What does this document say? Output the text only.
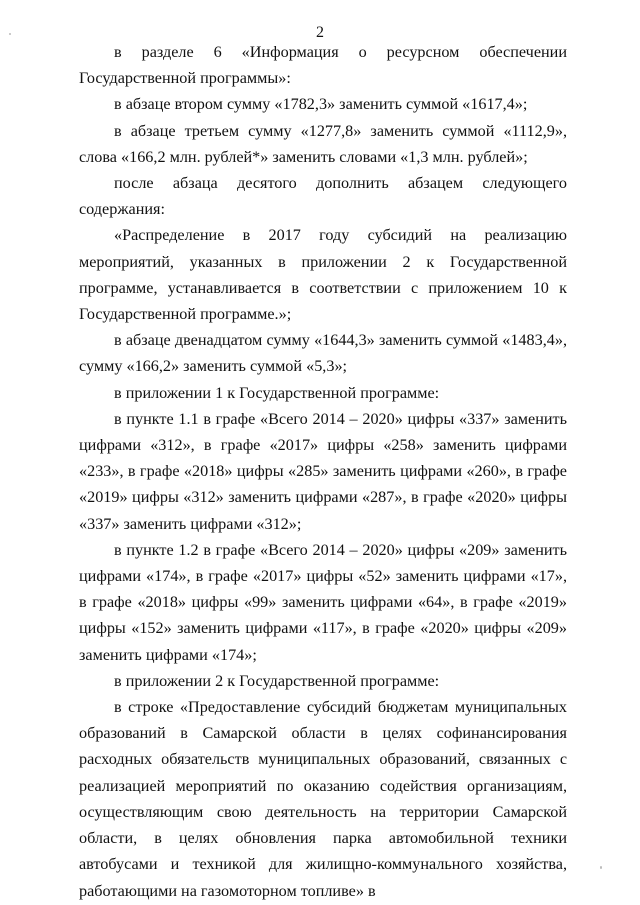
2

в разделе 6 «Информация о ресурсном обеспечении Государственной программы»:

в абзаце втором сумму «1782,3» заменить суммой «1617,4»;

в абзаце третьем сумму «1277,8» заменить суммой «1112,9», слова «166,2 млн. рублей*» заменить словами «1,3 млн. рублей»;

после абзаца десятого дополнить абзацем следующего содержания:

«Распределение в 2017 году субсидий на реализацию мероприятий, указанных в приложении 2 к Государственной программе, устанавливается в соответствии с приложением 10 к Государственной программе.»;

в абзаце двенадцатом сумму «1644,3» заменить суммой «1483,4», сумму «166,2» заменить суммой «5,3»;

в приложении 1 к Государственной программе:

в пункте 1.1 в графе «Всего 2014 – 2020» цифры «337» заменить цифрами «312», в графе «2017» цифры «258» заменить цифрами «233», в графе «2018» цифры «285» заменить цифрами «260», в графе «2019» цифры «312» заменить цифрами «287», в графе «2020» цифры «337» заменить цифрами «312»;

в пункте 1.2 в графе «Всего 2014 – 2020» цифры «209» заменить цифрами «174», в графе «2017» цифры «52» заменить цифрами «17», в графе «2018» цифры «99» заменить цифрами «64», в графе «2019» цифры «152» заменить цифрами «117», в графе «2020» цифры «209» заменить цифрами «174»;

в приложении 2 к Государственной программе:

в строке «Предоставление субсидий бюджетам муниципальных образований в Самарской области в целях софинансирования расходных обязательств муниципальных образований, связанных с реализацией мероприятий по оказанию содействия организациям, осуществляющим свою деятельность на территории Самарской области, в целях обновления парка автомобильной техники автобусами и техникой для жилищно-коммунального хозяйства, работающими на газомоторном топливе» в
